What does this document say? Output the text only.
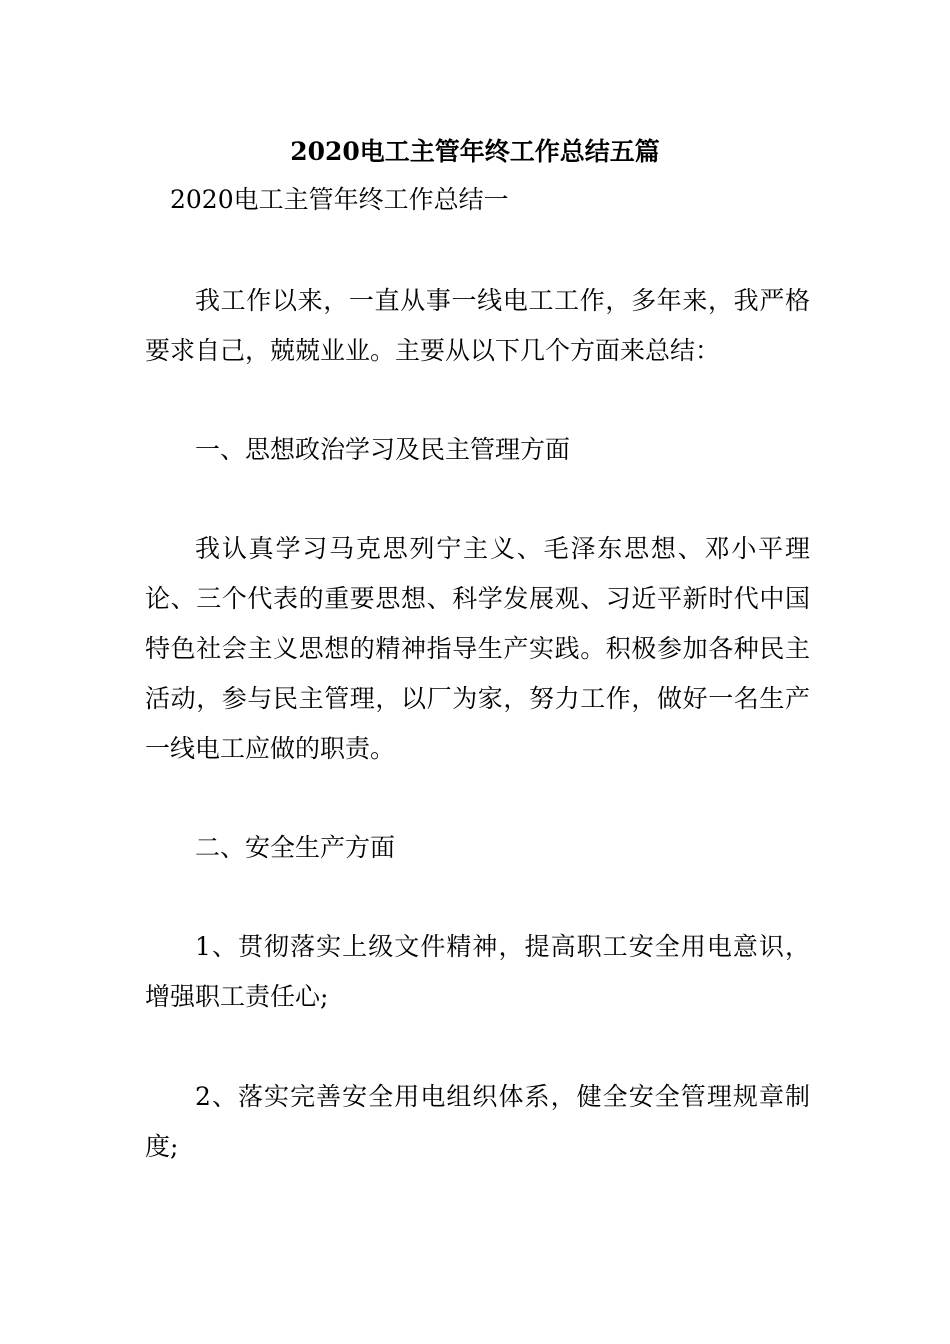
2020电工主管年终工作总结五篇
2020电工主管年终工作总结一

我工作以来，一直从事一线电工工作，多年来，我严格要求自己，兢兢业业。主要从以下几个方面来总结：

一、思想政治学习及民主管理方面

我认真学习马克思列宁主义、毛泽东思想、邓小平理论、三个代表的重要思想、科学发展观、习近平新时代中国特色社会主义思想的精神指导生产实践。积极参加各种民主活动，参与民主管理，以厂为家，努力工作，做好一名生产一线电工应做的职责。

二、安全生产方面

1、贯彻落实上级文件精神，提高职工安全用电意识，增强职工责任心;

2、落实完善安全用电组织体系，健全安全管理规章制度;
